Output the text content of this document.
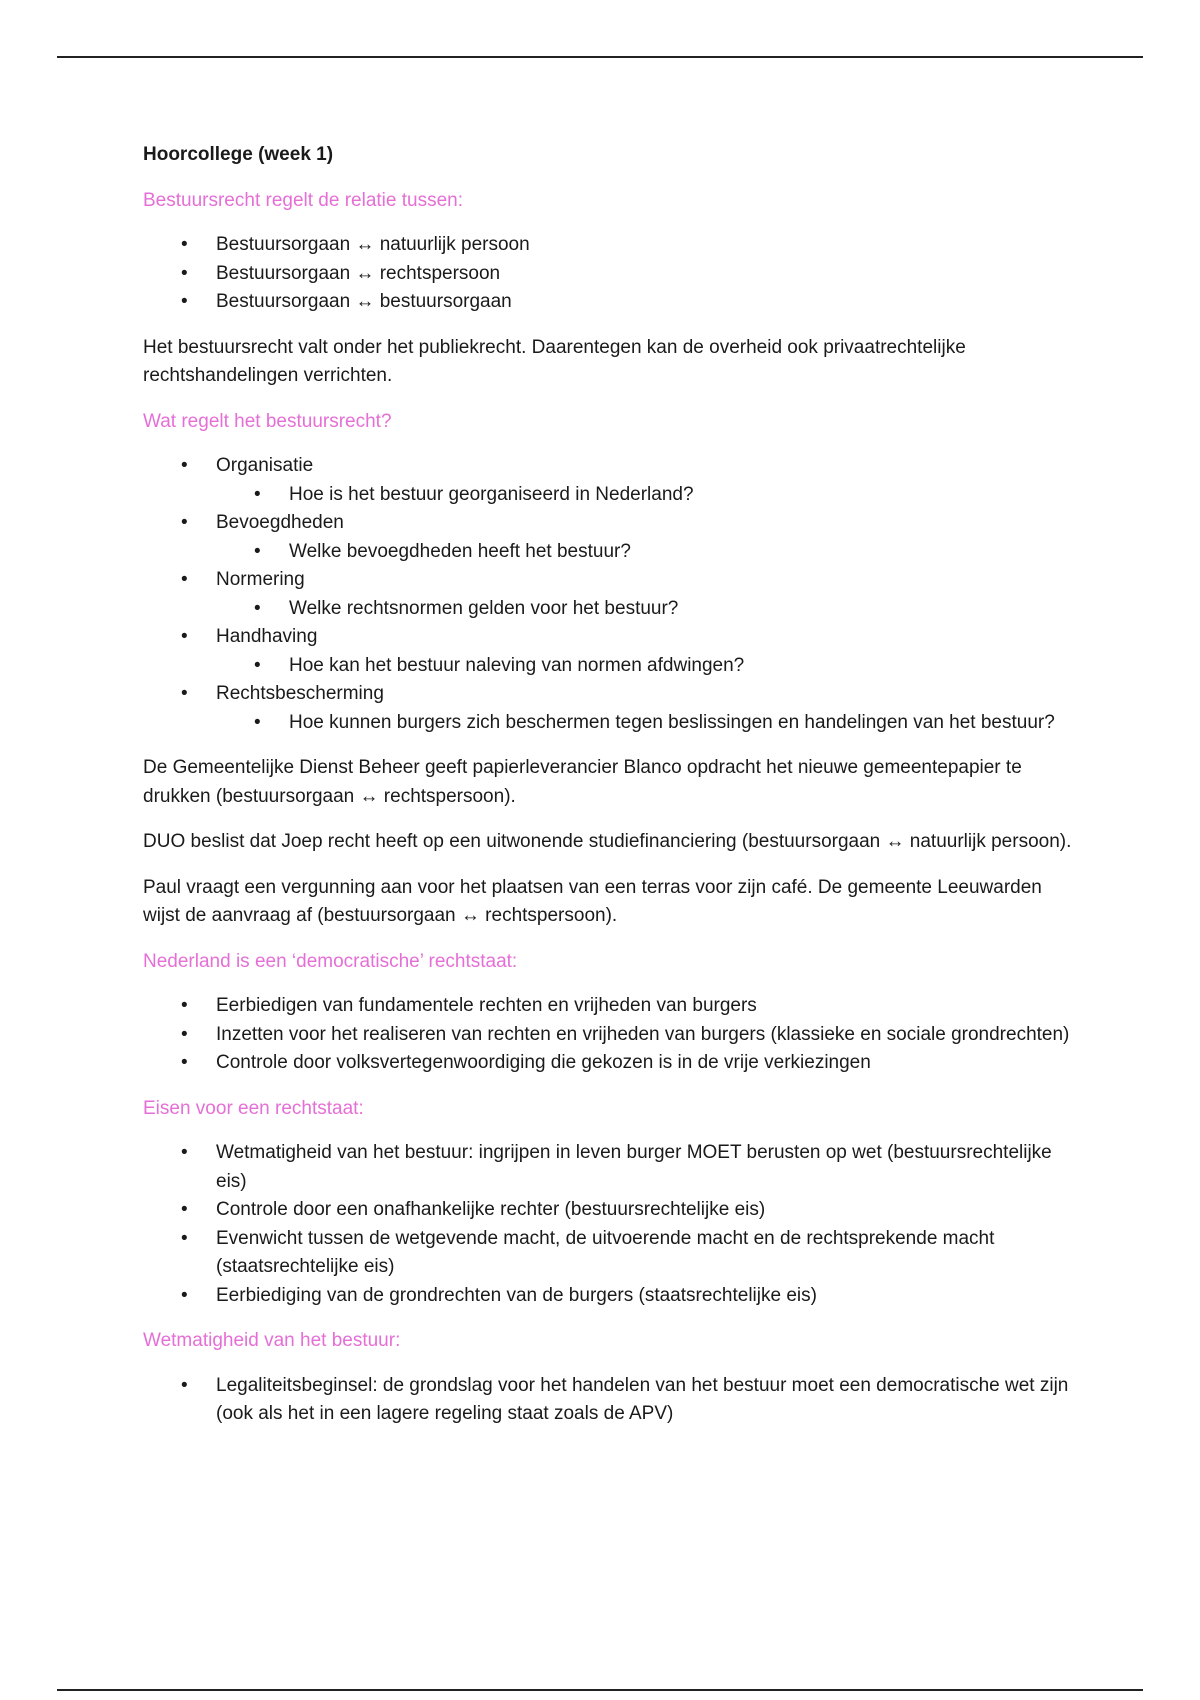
Hoorcollege (week 1)
Bestuursrecht regelt de relatie tussen:
• Bestuursorgaan ↔ natuurlijk persoon
• Bestuursorgaan ↔ rechtspersoon
• Bestuursorgaan ↔ bestuursorgaan
Het bestuursrecht valt onder het publiekrecht. Daarentegen kan de overheid ook privaatrechtelijke rechtshandelingen verrichten.
Wat regelt het bestuursrecht?
• Organisatie
• Hoe is het bestuur georganiseerd in Nederland?
• Bevoegdheden
• Welke bevoegdheden heeft het bestuur?
• Normering
• Welke rechtsnormen gelden voor het bestuur?
• Handhaving
• Hoe kan het bestuur naleving van normen afdwingen?
• Rechtsbescherming
• Hoe kunnen burgers zich beschermen tegen beslissingen en handelingen van het bestuur?
De Gemeentelijke Dienst Beheer geeft papierleverancier Blanco opdracht het nieuwe gemeentepapier te drukken (bestuursorgaan ↔ rechtspersoon).
DUO beslist dat Joep recht heeft op een uitwonende studiefinanciering (bestuursorgaan ↔ natuurlijk persoon).
Paul vraagt een vergunning aan voor het plaatsen van een terras voor zijn café. De gemeente Leeuwarden wijst de aanvraag af (bestuursorgaan ↔ rechtspersoon).
Nederland is een ‘democratische’ rechtstaat:
• Eerbiedigen van fundamentele rechten en vrijheden van burgers
• Inzetten voor het realiseren van rechten en vrijheden van burgers (klassieke en sociale grondrechten)
• Controle door volksvertegenwoordiging die gekozen is in de vrije verkiezingen
Eisen voor een rechtstaat:
• Wetmatigheid van het bestuur: ingrijpen in leven burger MOET berusten op wet (bestuursrechtelijke eis)
• Controle door een onafhankelijke rechter (bestuursrechtelijke eis)
• Evenwicht tussen de wetgevende macht, de uitvoerende macht en de rechtsprekende macht (staatsrechtelijke eis)
• Eerbiediging van de grondrechten van de burgers (staatsrechtelijke eis)
Wetmatigheid van het bestuur:
• Legaliteitsbeginsel: de grondslag voor het handelen van het bestuur moet een democratische wet zijn (ook als het in een lagere regeling staat zoals de APV)
